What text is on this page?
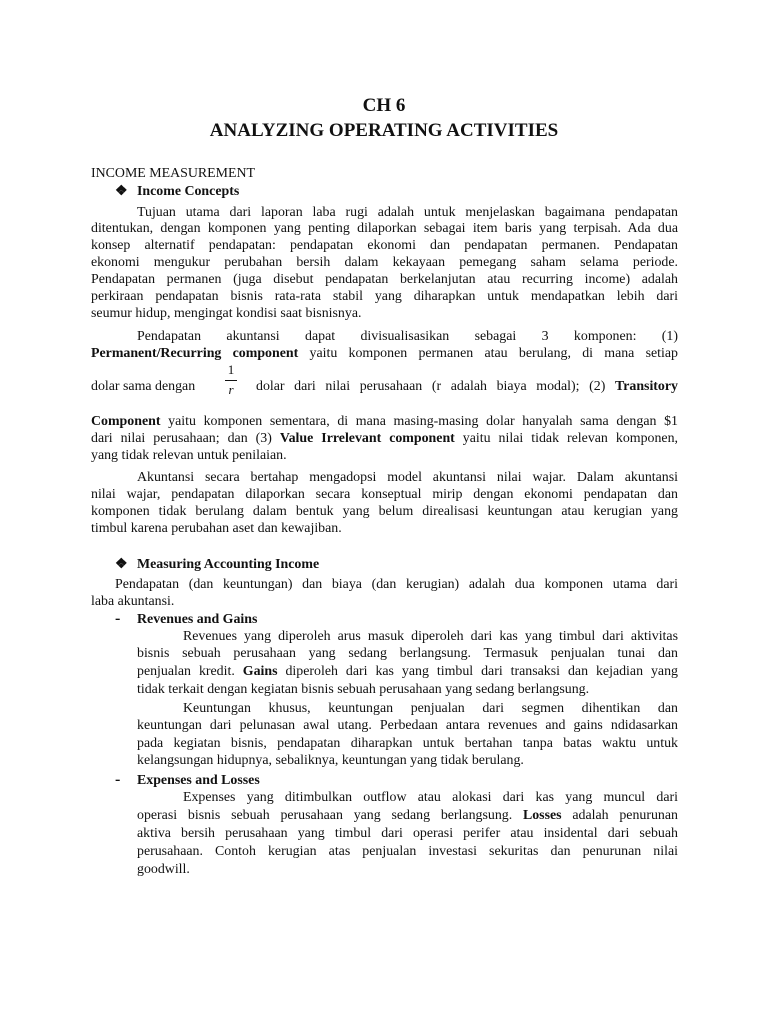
CH 6
ANALYZING OPERATING ACTIVITIES
INCOME MEASUREMENT
❖ Income Concepts
Tujuan utama dari laporan laba rugi adalah untuk menjelaskan bagaimana pendapatan
ditentukan, dengan komponen yang penting dilaporkan sebagai item baris yang terpisah. Ada dua
konsep alternatif pendapatan: pendapatan ekonomi dan pendapatan permanen. Pendapatan
ekonomi mengukur perubahan bersih dalam kekayaan pemegang saham selama periode.
Pendapatan permanen (juga disebut pendapatan berkelanjutan atau recurring income) adalah
perkiraan pendapatan bisnis rata-rata stabil yang diharapkan untuk mendapatkan lebih dari
seumur hidup, mengingat kondisi saat bisnisnya.
Pendapatan akuntansi dapat divisualisasikan sebagai 3 komponen: (1)
Permanent/Recurring component yaitu komponen permanen atau berulang, di mana setiap
dolar sama dengan
1
r	dolar dari nilai perusahaan (r adalah biaya modal); (2) Transitory
Component yaitu komponen sementara, di mana masing-masing dolar hanyalah sama dengan $1
dari nilai perusahaan; dan (3) Value Irrelevant component yaitu nilai tidak relevan komponen,
yang tidak relevan untuk penilaian.
Akuntansi secara bertahap mengadopsi model akuntansi nilai wajar. Dalam akuntansi
nilai wajar, pendapatan dilaporkan secara konseptual mirip dengan ekonomi pendapatan dan
komponen tidak berulang dalam bentuk yang belum direalisasi keuntungan atau kerugian yang
timbul karena perubahan aset dan kewajiban.
❖ Measuring Accounting Income
Pendapatan (dan keuntungan) dan biaya (dan kerugian) adalah dua komponen utama dari
laba akuntansi.
- Revenues and Gains
Revenues yang diperoleh arus masuk diperoleh dari kas yang timbul dari aktivitas
bisnis sebuah perusahaan yang sedang berlangsung. Termasuk penjualan tunai dan
penjualan kredit. Gains diperoleh dari kas yang timbul dari transaksi dan kejadian yang
tidak terkait dengan kegiatan bisnis sebuah perusahaan yang sedang berlangsung.
Keuntungan khusus, keuntungan penjualan dari segmen dihentikan dan
keuntungan dari pelunasan awal utang. Perbedaan antara revenues and gains ndidasarkan
pada kegiatan bisnis, pendapatan diharapkan untuk bertahan tanpa batas waktu untuk
kelangsungan hidupnya, sebaliknya, keuntungan yang tidak berulang.
- Expenses and Losses
Expenses yang ditimbulkan outflow atau alokasi dari kas yang muncul dari
operasi bisnis sebuah perusahaan yang sedang berlangsung. Losses adalah penurunan
aktiva bersih perusahaan yang timbul dari operasi perifer atau insidental dari sebuah
perusahaan. Contoh kerugian atas penjualan investasi sekuritas dan penurunan nilai
goodwill.
